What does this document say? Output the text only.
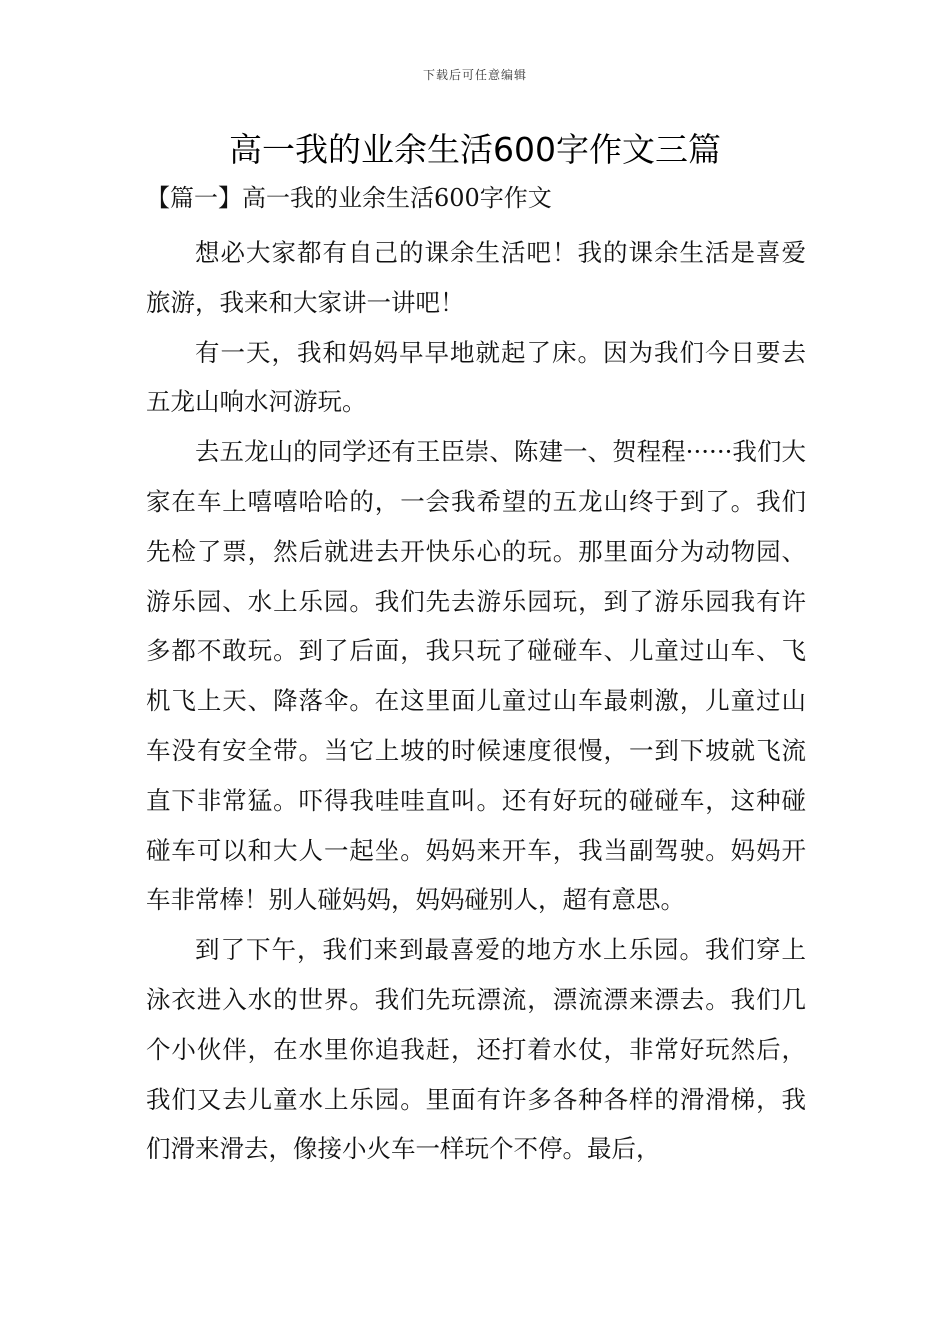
下载后可任意编辑
高一我的业余生活600字作文三篇
【篇一】高一我的业余生活600字作文

想必大家都有自己的课余生活吧！我的课余生活是喜爱旅游，我来和大家讲一讲吧！

有一天，我和妈妈早早地就起了床。因为我们今日要去五龙山响水河游玩。

去五龙山的同学还有王臣崇、陈建一、贺程程······我们大家在车上嘻嘻哈哈的，一会我希望的五龙山终于到了。我们先检了票，然后就进去开快乐心的玩。那里面分为动物园、游乐园、水上乐园。我们先去游乐园玩，到了游乐园我有许多都不敢玩。到了后面，我只玩了碰碰车、儿童过山车、飞机飞上天、降落伞。在这里面儿童过山车最刺激，儿童过山车没有安全带。当它上坡的时候速度很慢，一到下坡就飞流直下非常猛。吓得我哇哇直叫。还有好玩的碰碰车，这种碰碰车可以和大人一起坐。妈妈来开车，我当副驾驶。妈妈开车非常棒！别人碰妈妈，妈妈碰别人，超有意思。

到了下午，我们来到最喜爱的地方水上乐园。我们穿上泳衣进入水的世界。我们先玩漂流，漂流漂来漂去。我们几个小伙伴，在水里你追我赶，还打着水仗，非常好玩然后，我们又去儿童水上乐园。里面有许多各种各样的滑滑梯，我们滑来滑去，像接小火车一样玩个不停。最后，
